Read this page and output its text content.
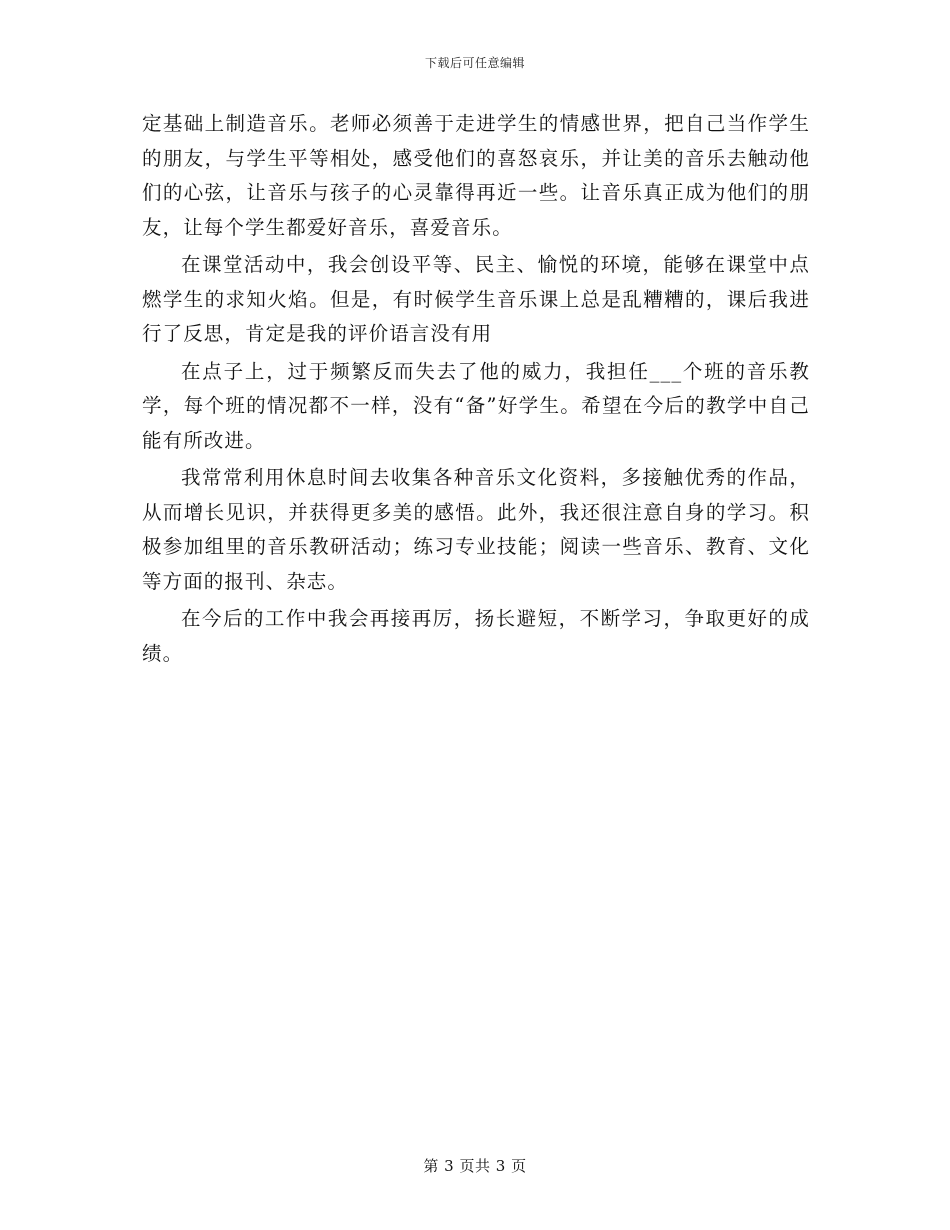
下载后可任意编辑

定基础上制造音乐。老师必须善于走进学生的情感世界，把自己当作学生的朋友，与学生平等相处，感受他们的喜怒哀乐，并让美的音乐去触动他们的心弦，让音乐与孩子的心灵靠得再近一些。让音乐真正成为他们的朋友，让每个学生都爱好音乐，喜爱音乐。

在课堂活动中，我会创设平等、民主、愉悦的环境，能够在课堂中点燃学生的求知火焰。但是，有时候学生音乐课上总是乱糟糟的，课后我进行了反思，肯定是我的评价语言没有用

在点子上，过于频繁反而失去了他的威力，我担任___个班的音乐教学，每个班的情况都不一样，没有“备”好学生。希望在今后的教学中自己能有所改进。

我常常利用休息时间去收集各种音乐文化资料，多接触优秀的作品，从而增长见识，并获得更多美的感悟。此外，我还很注意自身的学习。积极参加组里的音乐教研活动；练习专业技能；阅读一些音乐、教育、文化等方面的报刊、杂志。

在今后的工作中我会再接再厉，扬长避短，不断学习，争取更好的成绩。

第 3 页共 3 页
